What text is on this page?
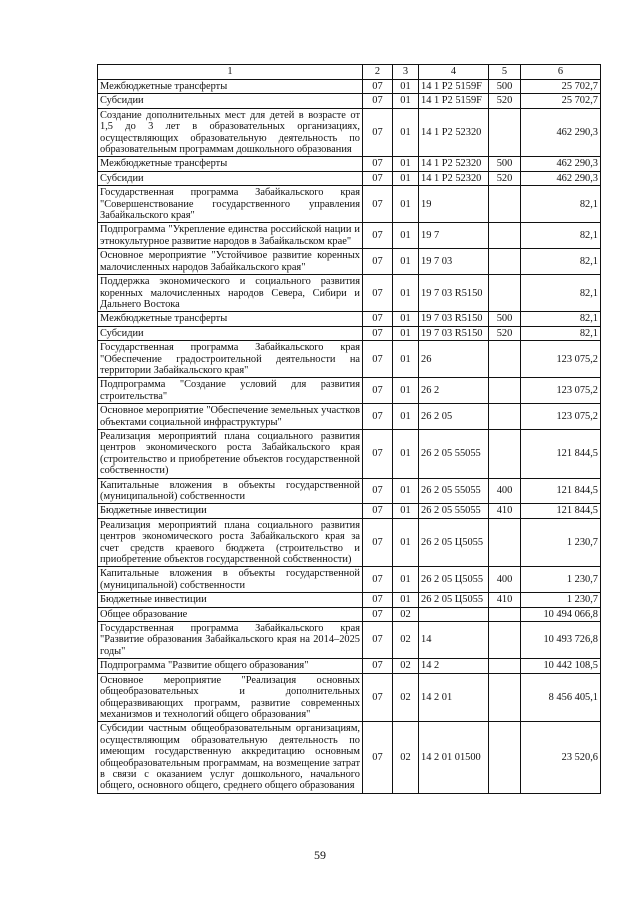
1	2	3	4	5	6
Межбюджетные трансферты	07	01	14 1 P2 5159F	500	25 702,7
Субсидии	07	01	14 1 P2 5159F	520	25 702,7
Создание дополнительных мест для детей в возрасте от 1,5 до 3 лет в образовательных организациях, осуществляющих образовательную деятельность по образовательным программам дошкольного образования	07	01	14 1 P2 52320		462 290,3
Межбюджетные трансферты	07	01	14 1 P2 52320	500	462 290,3
Субсидии	07	01	14 1 P2 52320	520	462 290,3
Государственная программа Забайкальского края "Совершенствование государственного управления Забайкальского края"	07	01	19		82,1
Подпрограмма "Укрепление единства российской нации и этнокультурное развитие народов в Забайкальском крае"	07	01	19 7		82,1
Основное мероприятие "Устойчивое развитие коренных малочисленных народов Забайкальского края"	07	01	19 7 03		82,1
Поддержка экономического и социального развития коренных малочисленных народов Севера, Сибири и Дальнего Востока	07	01	19 7 03 R5150		82,1
Межбюджетные трансферты	07	01	19 7 03 R5150	500	82,1
Субсидии	07	01	19 7 03 R5150	520	82,1
Государственная программа Забайкальского края "Обеспечение градостроительной деятельности на территории Забайкальского края"	07	01	26		123 075,2
Подпрограмма "Создание условий для развития строительства"	07	01	26 2		123 075,2
Основное мероприятие "Обеспечение земельных участков объектами социальной инфраструктуры"	07	01	26 2 05		123 075,2
Реализация мероприятий плана социального развития центров экономического роста Забайкальского края (строительство и приобретение объектов государственной собственности)	07	01	26 2 05 55055		121 844,5
Капитальные вложения в объекты государственной (муниципальной) собственности	07	01	26 2 05 55055	400	121 844,5
Бюджетные инвестиции	07	01	26 2 05 55055	410	121 844,5
Реализация мероприятий плана социального развития центров экономического роста Забайкальского края за счет средств краевого бюджета (строительство и приобретение объектов государственной собственности)	07	01	26 2 05 Ц5055		1 230,7
Капитальные вложения в объекты государственной (муниципальной) собственности	07	01	26 2 05 Ц5055	400	1 230,7
Бюджетные инвестиции	07	01	26 2 05 Ц5055	410	1 230,7
Общее образование	07	02			10 494 066,8
Государственная программа Забайкальского края "Развитие образования Забайкальского края на 2014–2025 годы"	07	02	14		10 493 726,8
Подпрограмма "Развитие общего образования"	07	02	14 2		10 442 108,5
Основное мероприятие "Реализация основных общеобразовательных и дополнительных общеразвивающих программ, развитие современных механизмов и технологий общего образования"	07	02	14 2 01		8 456 405,1
Субсидии частным общеобразовательным организациям, осуществляющим образовательную деятельность по имеющим государственную аккредитацию основным общеобразовательным программам, на возмещение затрат в связи с оказанием услуг дошкольного, начального общего, основного общего, среднего общего образования	07	02	14 2 01 01500		23 520,6
59
